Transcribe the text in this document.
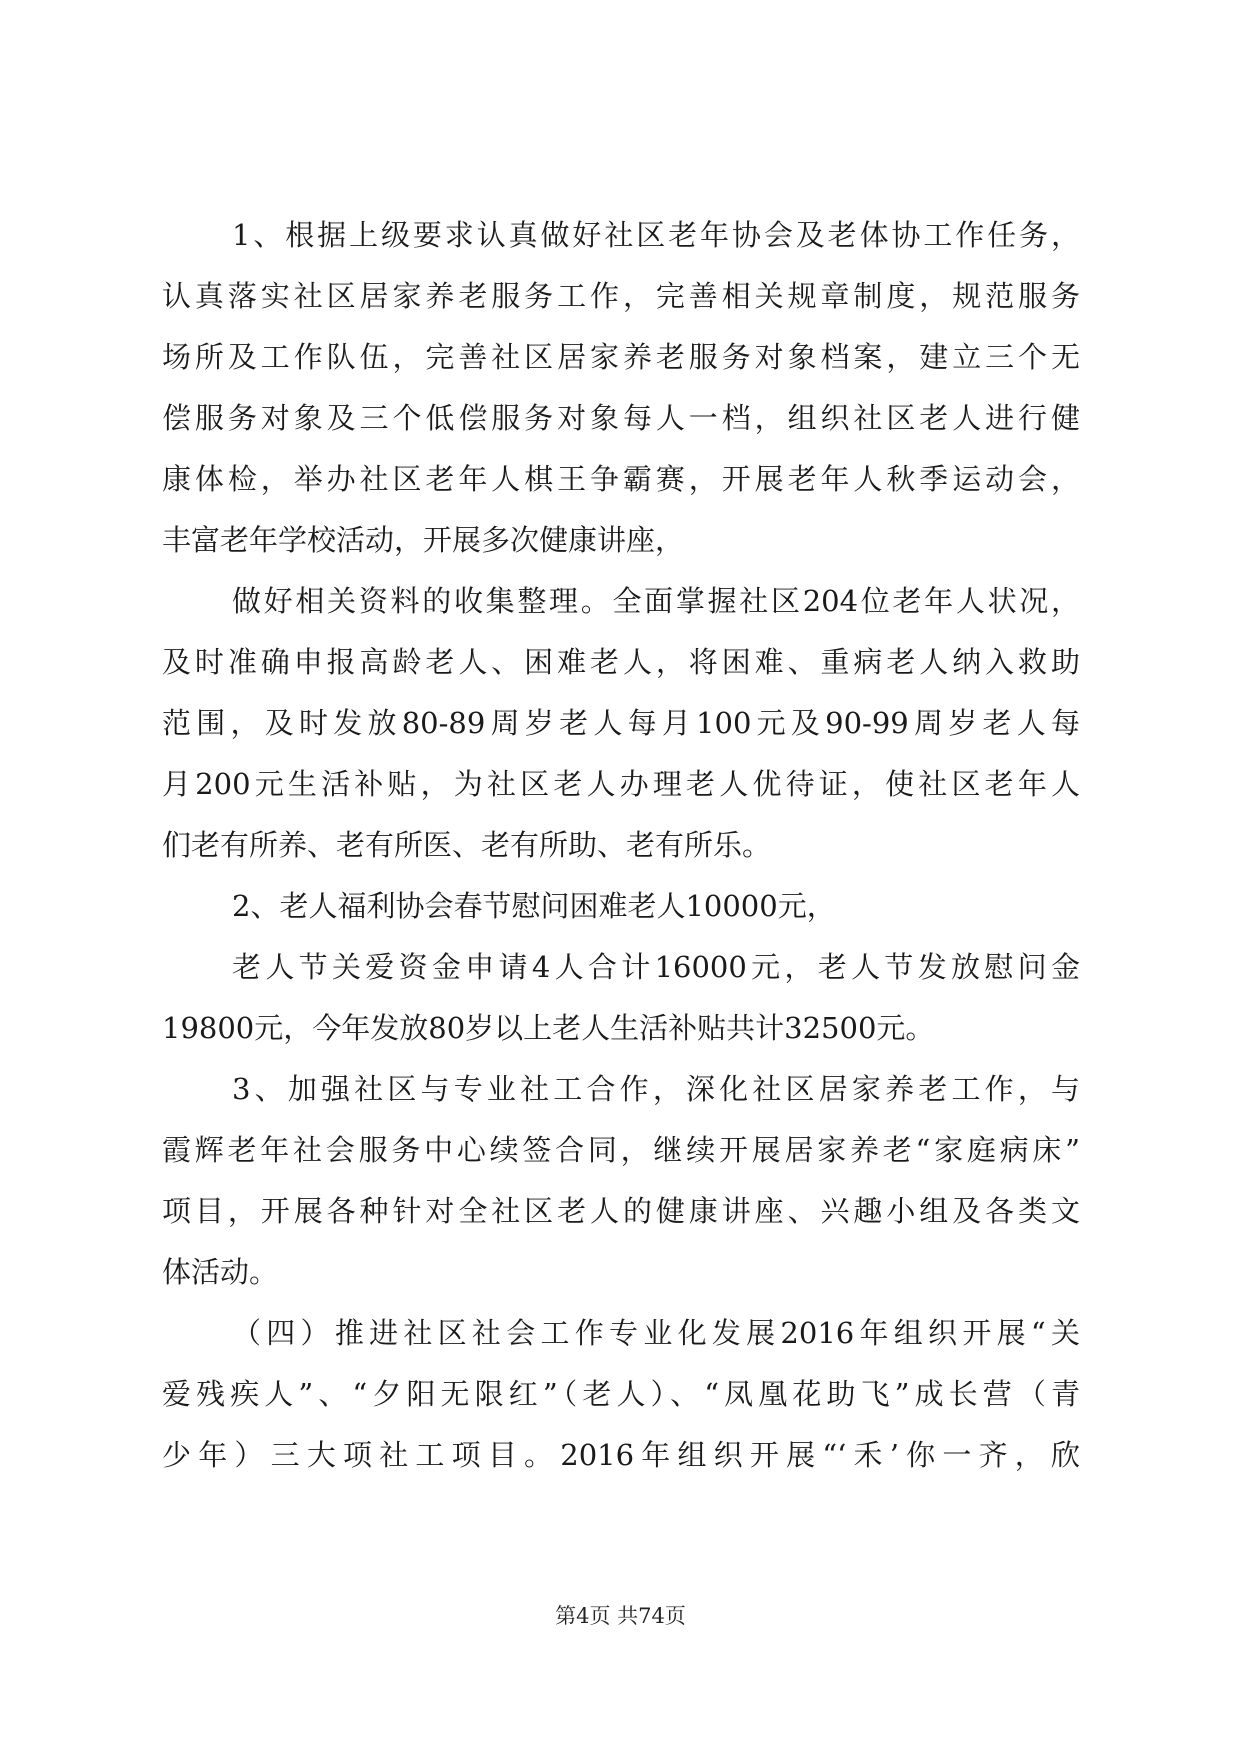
1、根据上级要求认真做好社区老年协会及老体协工作任务，
认真落实社区居家养老服务工作，完善相关规章制度，规范服务
场所及工作队伍，完善社区居家养老服务对象档案，建立三个无
偿服务对象及三个低偿服务对象每人一档，组织社区老人进行健
康体检，举办社区老年人棋王争霸赛，开展老年人秋季运动会，
丰富老年学校活动，开展多次健康讲座，
做好相关资料的收集整理。全面掌握社区204位老年人状况，
及时准确申报高龄老人、困难老人，将困难、重病老人纳入救助
范围，及时发放80-89周岁老人每月100元及90-99周岁老人每
月200元生活补贴，为社区老人办理老人优待证，使社区老年人
们老有所养、老有所医、老有所助、老有所乐。
2、老人福利协会春节慰问困难老人10000元，
老人节关爱资金申请4人合计16000元，老人节发放慰问金
19800元，今年发放80岁以上老人生活补贴共计32500元。
3、加强社区与专业社工合作，深化社区居家养老工作，与
霞辉老年社会服务中心续签合同，继续开展居家养老“家庭病床”
项目，开展各种针对全社区老人的健康讲座、兴趣小组及各类文
体活动。
（四）推进社区社会工作专业化发展2016年组织开展“关
爱残疾人”、“夕阳无限红”（老人）、“凤凰花助飞”成长营（青
少年）三大项社工项目。2016年组织开展“‘禾’你一齐，欣
第4页 共74页
